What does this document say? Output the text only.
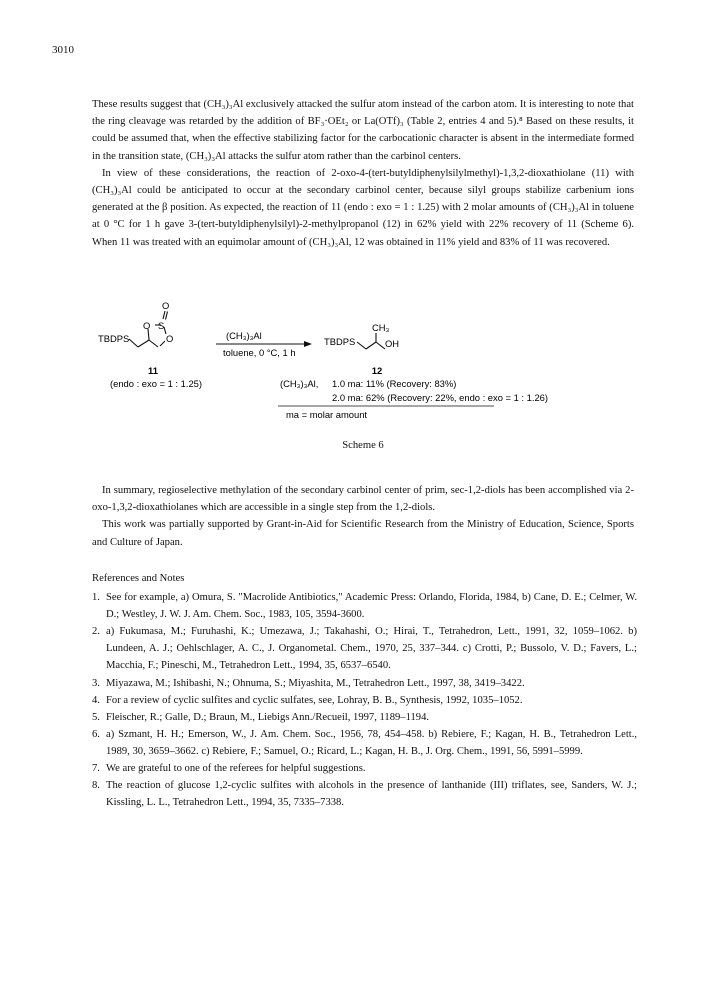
3010

These results suggest that (CH₃)₃Al exclusively attacked the sulfur atom instead of the carbon atom. It is interesting to note that the ring cleavage was retarded by the addition of BF₃·OEt₂ or La(OTf)₃ (Table 2, entries 4 and 5).⁸ Based on these results, it could be assumed that, when the effective stabilizing factor for the carbocationic character is absent in the intermediate formed in the transition state, (CH₃)₃Al attacks the sulfur atom rather than the carbinol centers.

In view of these considerations, the reaction of 2-oxo-4-(tert-butyldiphenylsilylmethyl)-1,3,2-dioxathiolane (11) with (CH₃)₃Al could be anticipated to occur at the secondary carbinol center, because silyl groups stabilize carbenium ions generated at the β position. As expected, the reaction of 11 (endo : exo = 1 : 1.25) with 2 molar amounts of (CH₃)₃Al in toluene at 0 °C for 1 h gave 3-(tert-butyldiphenylsilyl)-2-methylpropanol (12) in 62% yield with 22% recovery of 11 (Scheme 6). When 11 was treated with an equimolar amount of (CH₃)₃Al, 12 was obtained in 11% yield and 83% of 11 was recovered.

TBDPS
O S
O
O
(CH₃)₃Al
toluene, 0 °C, 1 h
TBDPS
CH₃
OH
11	12
(endo : exo = 1 : 1.25)	(CH₃)₃Al, 1.0 ma: 11% (Recovery: 83%)
2.0 ma: 62% (Recovery: 22%, endo : exo = 1 : 1.26)
ma = molar amount
Scheme 6

In summary, regioselective methylation of the secondary carbinol center of prim, sec-1,2-diols has been accomplished via 2-oxo-1,3,2-dioxathiolanes which are accessible in a single step from the 1,2-diols.

This work was partially supported by Grant-in-Aid for Scientific Research from the Ministry of Education, Science, Sports and Culture of Japan.

References and Notes
1. See for example, a) Omura, S. "Macrolide Antibiotics," Academic Press: Orlando, Florida, 1984, b) Cane, D. E.; Celmer, W. D.; Westley, J. W. J. Am. Chem. Soc., 1983, 105, 3594-3600.
2. a) Fukumasa, M.; Furuhashi, K.; Umezawa, J.; Takahashi, O.; Hirai, T., Tetrahedron, Lett., 1991, 32, 1059–1062. b) Lundeen, A. J.; Oehlschlager, A. C., J. Organometal. Chem., 1970, 25, 337–344. c) Crotti, P.; Bussolo, V. D.; Favers, L.; Macchia, F.; Pineschi, M., Tetrahedron Lett., 1994, 35, 6537–6540.
3. Miyazawa, M.; Ishibashi, N.; Ohnuma, S.; Miyashita, M., Tetrahedron Lett., 1997, 38, 3419–3422.
4. For a review of cyclic sulfites and cyclic sulfates, see, Lohray, B. B., Synthesis, 1992, 1035–1052.
5. Fleischer, R.; Galle, D.; Braun, M., Liebigs Ann./Recueil, 1997, 1189–1194.
6. a) Szmant, H. H.; Emerson, W., J. Am. Chem. Soc., 1956, 78, 454–458. b) Rebiere, F.; Kagan, H. B., Tetrahedron Lett., 1989, 30, 3659–3662. c) Rebiere, F.; Samuel, O.; Ricard, L.; Kagan, H. B., J. Org. Chem., 1991, 56, 5991–5999.
7. We are grateful to one of the referees for helpful suggestions.
8. The reaction of glucose 1,2-cyclic sulfites with alcohols in the presence of lanthanide (III) triflates, see, Sanders, W. J.; Kissling, L. L., Tetrahedron Lett., 1994, 35, 7335–7338.
